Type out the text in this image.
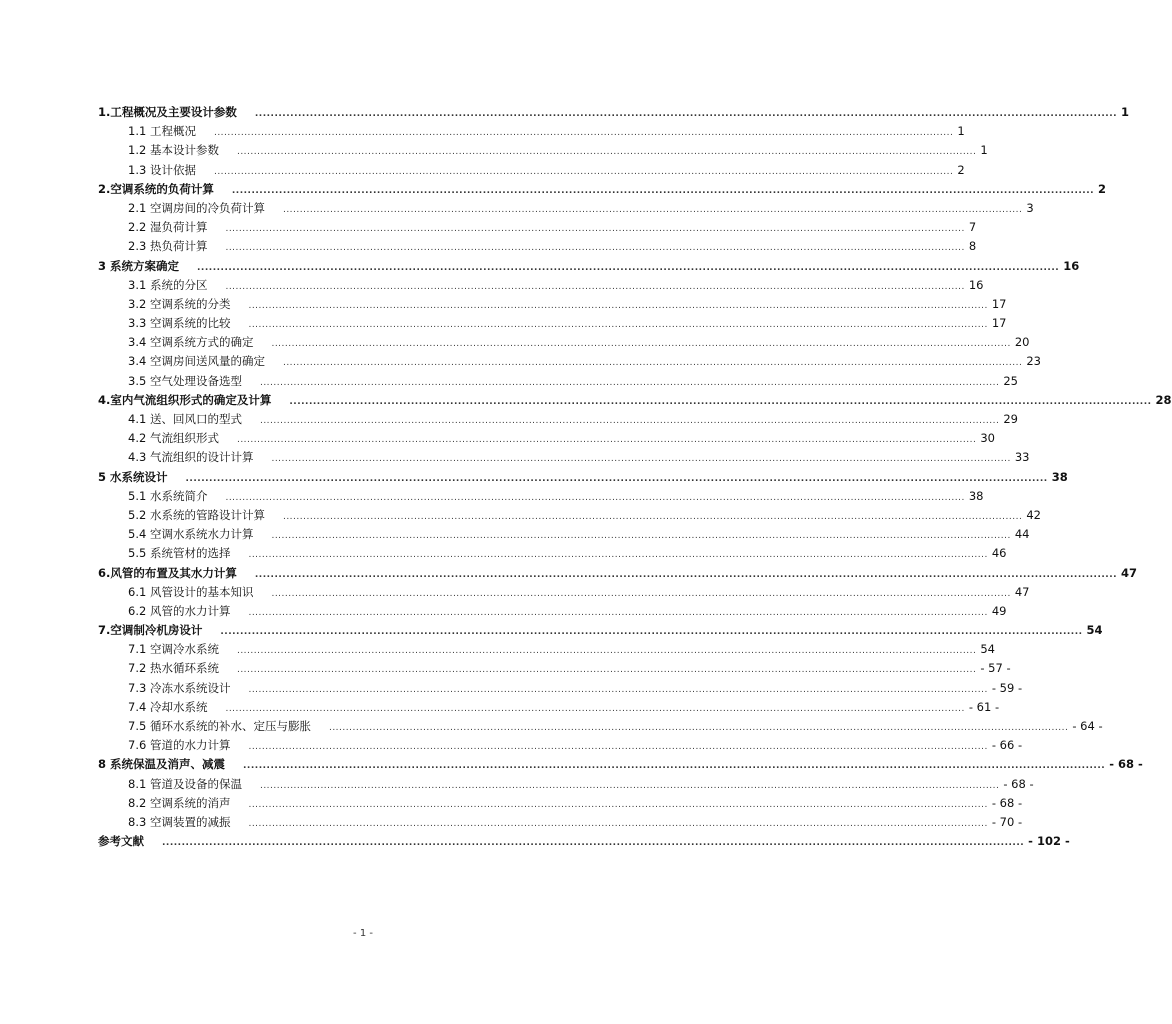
1.工程概况及主要设计参数	............................................................................................................................................................................................................................ 1
1.1 工程概况	............................................................................................................................................................................................................................ 1
1.2 基本设计参数	............................................................................................................................................................................................................................ 1
1.3 设计依据	............................................................................................................................................................................................................................ 2
2.空调系统的负荷计算	............................................................................................................................................................................................................................ 2
2.1 空调房间的冷负荷计算	............................................................................................................................................................................................................................ 3
2.2 湿负荷计算	............................................................................................................................................................................................................................ 7
2.3 热负荷计算	............................................................................................................................................................................................................................ 8
3 系统方案确定	............................................................................................................................................................................................................................ 16
3.1 系统的分区	............................................................................................................................................................................................................................ 16
3.2 空调系统的分类	............................................................................................................................................................................................................................ 17
3.3 空调系统的比较	............................................................................................................................................................................................................................ 17
3.4 空调系统方式的确定	............................................................................................................................................................................................................................ 20
3.4 空调房间送风量的确定	............................................................................................................................................................................................................................ 23
3.5 空气处理设备选型	............................................................................................................................................................................................................................ 25
4.室内气流组织形式的确定及计算	............................................................................................................................................................................................................................ 28
4.1 送、回风口的型式	............................................................................................................................................................................................................................ 29
4.2 气流组织形式	............................................................................................................................................................................................................................ 30
4.3 气流组织的设计计算	............................................................................................................................................................................................................................ 33
5 水系统设计	............................................................................................................................................................................................................................ 38
5.1 水系统简介	............................................................................................................................................................................................................................ 38
5.2 水系统的管路设计计算	............................................................................................................................................................................................................................ 42
5.4 空调水系统水力计算	............................................................................................................................................................................................................................ 44
5.5 系统管材的选择	............................................................................................................................................................................................................................ 46
6.风管的布置及其水力计算	............................................................................................................................................................................................................................ 47
6.1 风管设计的基本知识	............................................................................................................................................................................................................................ 47
6.2 风管的水力计算	............................................................................................................................................................................................................................ 49
7.空调制冷机房设计	............................................................................................................................................................................................................................ 54
7.1 空调冷水系统	............................................................................................................................................................................................................................ 54
7.2 热水循环系统	............................................................................................................................................................................................................................ - 57 -
7.3 冷冻水系统设计	............................................................................................................................................................................................................................ - 59 -
7.4 冷却水系统	............................................................................................................................................................................................................................ - 61 -
7.5 循环水系统的补水、定压与膨胀	............................................................................................................................................................................................................................ - 64 -
7.6 管道的水力计算	............................................................................................................................................................................................................................ - 66 -
8 系统保温及消声、减震	............................................................................................................................................................................................................................ - 68 -
8.1 管道及设备的保温	............................................................................................................................................................................................................................ - 68 -
8.2 空调系统的消声	............................................................................................................................................................................................................................ - 68 -
8.3 空调装置的减振	............................................................................................................................................................................................................................ - 70 -
参考文献	............................................................................................................................................................................................................................ - 102 -
- 1 -
